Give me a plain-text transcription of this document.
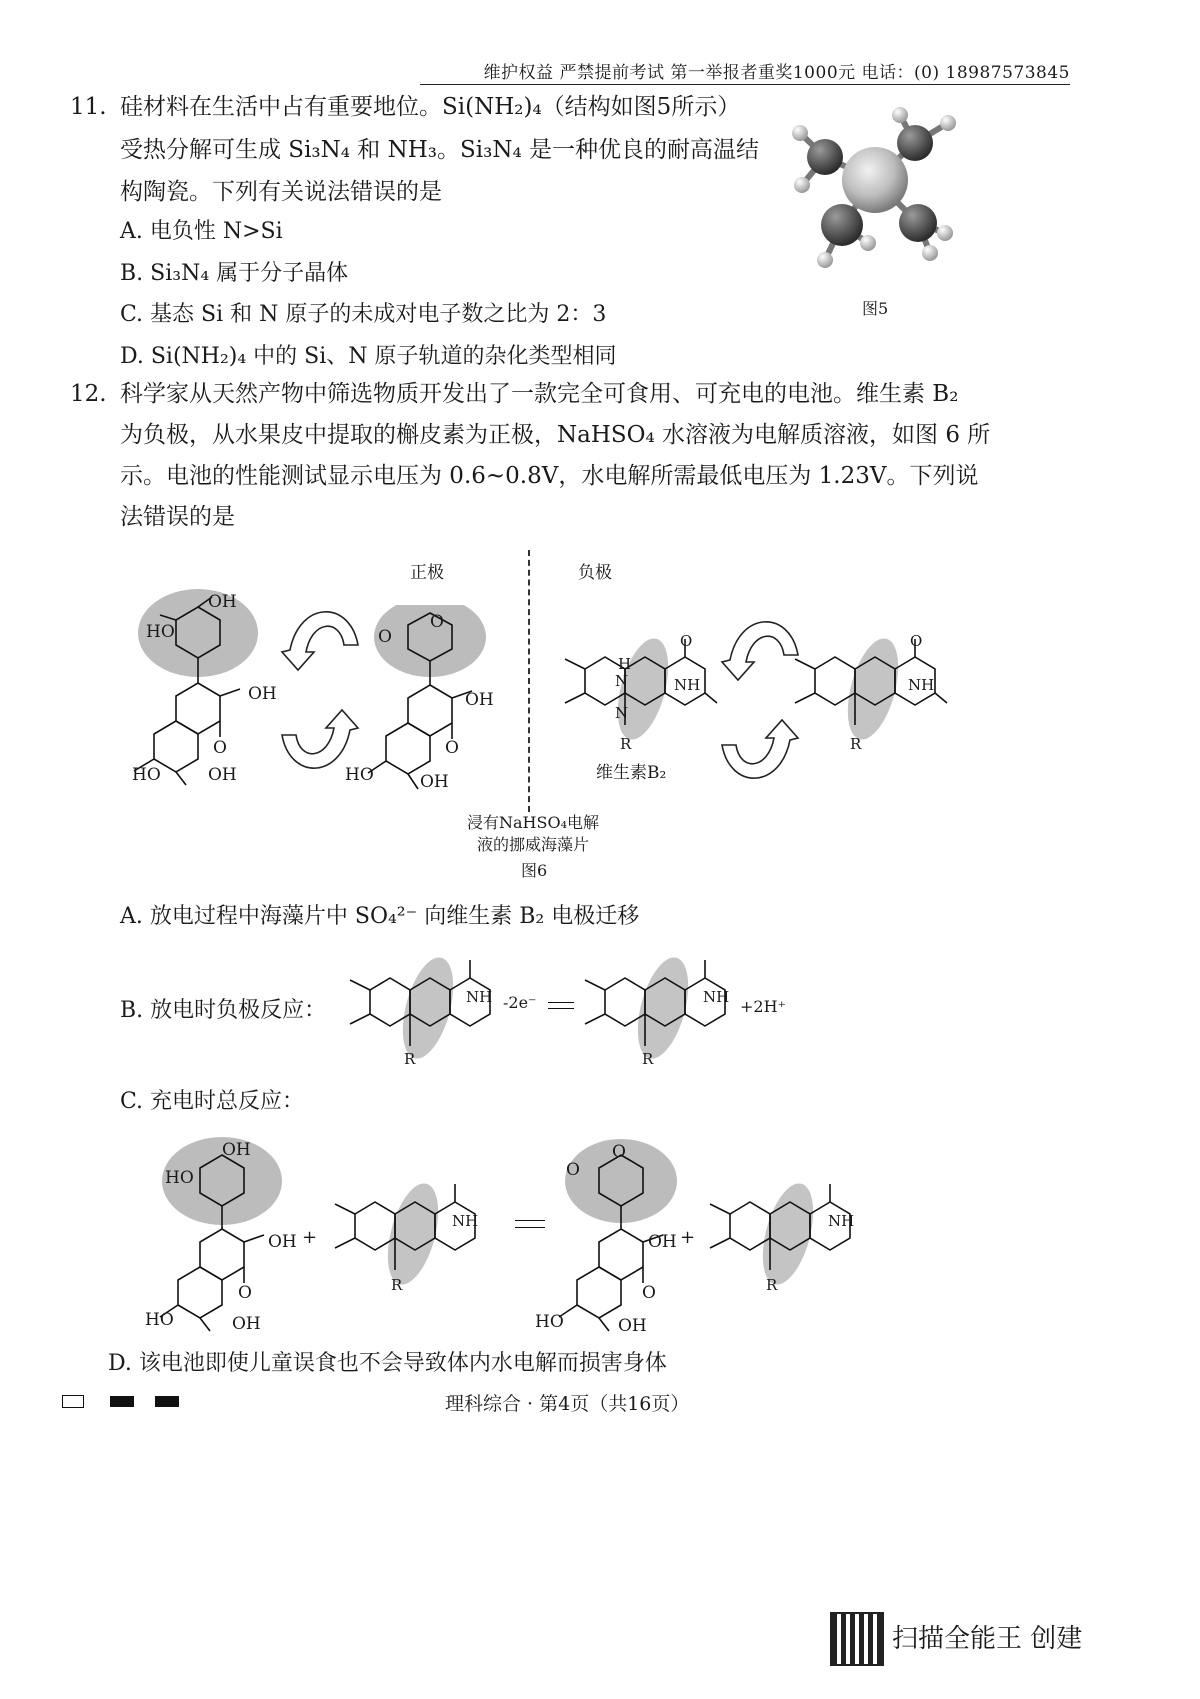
维护权益 严禁提前考试 第一举报者重奖1000元 电话：(0) 18987573845
11. 硅材料在生活中占有重要地位。Si(NH₂)₄（结构如图5所示）
受热分解可生成 Si₃N₄ 和 NH₃。Si₃N₄ 是一种优良的耐高温结
构陶瓷。下列有关说法错误的是
A. 电负性 N>Si
B. Si₃N₄ 属于分子晶体
C. 基态 Si 和 N 原子的未成对电子数之比为 2：3
D. Si(NH₂)₄ 中的 Si、N 原子轨道的杂化类型相同
图5
12. 科学家从天然产物中筛选物质开发出了一款完全可食用、可充电的电池。维生素 B₂
为负极，从水果皮中提取的槲皮素为正极，NaHSO₄ 水溶液为电解质溶液，如图 6 所
示。电池的性能测试显示电压为 0.6~0.8V，水电解所需最低电压为 1.23V。下列说
法错误的是
正极	负极
浸有NaHSO₄电解
液的挪威海藻片
图6
维生素B₂
OH
HO
OH
O
HO	OH
O
O
OH
O
HO	OH
H
N	NH
N
R
O
NH
R
O
A. 放电过程中海藻片中 SO₄²⁻ 向维生素 B₂ 电极迁移
B. 放电时负极反应：
NH
R
-2e⁻	NH
R
+2H⁺
C. 充电时总反应：
OH
HO
OH
O
HO	OH
+
NH
R
O
O
OH
O
HO	OH
+
NH
R
D. 该电池即使儿童误食也不会导致体内水电解而损害身体
理科综合 · 第4页（共16页）
扫描全能王 创建
